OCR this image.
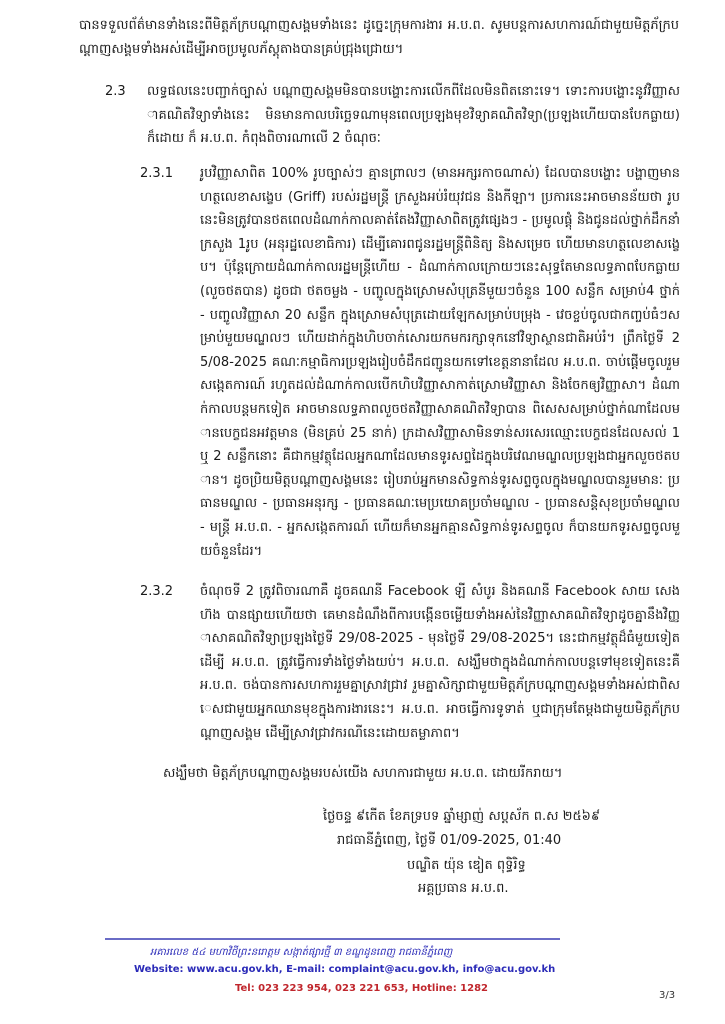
បានទទួលព័ត៌មានទាំងនេះពីមិត្តភ័ក្របណ្ដាញសង្គមទាំងនេះ ដូច្នេះក្រុមការងារ អ.ប.ព. សូមបន្តការសហការណ៍ជាមួយមិត្តភ័ក្របណ្ដាញសង្គមទាំងអស់ដើម្បីអាចប្រមូលភ័ស្តុតាងបានគ្រប់ជ្រុងជ្រោយ។

2.3 លទ្ធផលនេះបញ្ជាក់ច្បាស់ បណ្តាញសង្គមមិនបានបង្ហោះការលើកពីដែលមិនពិតនោះទេ។ ទោះការបង្ហោះនូវវិញ្ញាសាគណិតវិទ្យាទាំងនេះ មិនមានកាលបរិច្ឆេទណាមុនពេលប្រឡងមុខវិទ្យាគណិតវិទ្យា(ប្រឡងហើយបានបែកធ្លាយ) ក៏ដោយ ក៏ អ.ប.ព. កំពុងពិចារណាលើ 2 ចំណុចៈ

2.3.1 រូបវិញ្ញាសាពិត 100% រូបច្បាស់ៗ គ្មានព្រាលៗ (មានអក្សរកាចណាស់) ដែលបានបង្ហោះ បង្ហាញមានហត្ថលេខាសង្ខេប (Griff) របស់រដ្ឋមន្ត្រី ក្រសួងអប់រំយុវជន និងកីឡា។ ប្រការនេះអាចមានន័យថា រូបនេះមិនត្រូវបានថតពេលដំណាក់កាលគាត់តែងវិញ្ញាសាពិតត្រូវផ្សេងៗ - ប្រមូលផ្តុំ និងជូនដល់ថ្នាក់ដឹកនាំក្រសួង 1រូប (អនុរដ្ឋលេខាធិការ) ដើម្បីគោរពជូនរដ្ឋមន្ត្រីពិនិត្យ និងសម្រេច ហើយមានហត្ថលេខាសង្ខេប។ ប៉ុន្តែក្រោយដំណាក់កាលរដ្ឋមន្ត្រីហើយ - ដំណាក់កាលក្រោយៗនេះសុទ្ធតែមានលទ្ធភាពបែកធ្លាយ (លួចថតបាន) ដូចជា ថតចម្លង - បញ្ចូលក្នុងស្រោមសំបុត្រនីមួយៗចំនួន 100 សន្លឹក សម្រាប់4 ថ្នាក់ - បញ្ចូលវិញ្ញាសា 20 សន្លឹក ក្នុងស្រោមសំបុត្រដោយឡែកសម្រាប់បម្រុង - វេចខ្ចប់ចូលជាកញ្ចប់ធំៗសម្រាប់មួយមណ្ឌលៗ ហើយដាក់ក្នុងហិបចាក់សោរយកមករក្សាទុកនៅវិទ្យាស្ថានជាតិអប់រំ។ ព្រឹកថ្ងៃទី 25/08-2025 គណៈកម្មាធិការប្រឡងរៀបចំដឹកជញ្ជូនយកទៅខេត្តនានាដែល អ.ប.ព. ចាប់ផ្តើមចូលរួមសង្កេតការណ៍ រហូតដល់ដំណាក់កាលបើកហិបវិញ្ញាសាកាត់ស្រោមវិញ្ញាសា និងចែកឲ្យវិញ្ញាសា។ ដំណាក់កាលបន្តមកទៀត អាចមានលទ្ធភាពលួចថតវិញ្ញាសាគណិតវិទ្យាបាន ពិសេសសម្រាប់ថ្នាក់ណាដែលមានបេក្ខជនអវត្តមាន (មិនគ្រប់ 25 នាក់) ក្រដាសវិញ្ញាសាមិនទាន់សរសេរឈ្មោះបេក្ខជនដែលសល់ 1 ឬ 2 សន្លឹកនោះ គឺជាកម្មវត្ថុដែលអ្នកណាដែលមានទូរសព្ទដៃក្នុងបរិវេណមណ្ឌលប្រឡងជាអ្នកលួចថតបាន។ ដូចប្រិយមិត្តបណ្តាញសង្គមនេះ រៀបរាប់អ្នកមានសិទ្ធកាន់ទូរសព្ទចូលក្នុងមណ្ឌលបានរួមមានៈ ប្រធានមណ្ឌល - ប្រធានអនុរក្ស - ប្រធានគណៈមេប្រយោគប្រចាំមណ្ឌល - ប្រធានសន្តិសុខប្រចាំមណ្ឌល - មន្ត្រី អ.ប.ព. - អ្នកសង្កេតការណ៍ ហើយក៏មានអ្នកគ្មានសិទ្ធកាន់ទូរសព្ទចូល ក៏បានយកទូរសព្ទចូលមួយចំនួនដែរ។

2.3.2 ចំណុចទី 2 ត្រូវពិចារណាគឺ ដូចគណនី Facebook ឡី សំបូរ និងគណនី Facebook សាយ សេងហ៊ង បានផ្សាយហើយថា គេមានដំណឹងពីការបង្កើនចម្លើយទាំងអស់នៃវិញ្ញាសាគណិតវិទ្យាដូចគ្នានឹងវិញ្ញាសាគណិតវិទ្យាប្រឡងថ្ងៃទី 29/08-2025 - មុនថ្ងៃទី 29/08-2025។ នេះជាកម្មវត្ថុដ៏ធំមួយទៀតដើម្បី អ.ប.ព. ត្រូវធ្វើការទាំងថ្ងៃទាំងយប់។ អ.ប.ព. សង្ឃឹមថាក្នុងដំណាក់កាលបន្តទៅមុខទៀតនេះគឺ អ.ប.ព. ចង់បានការសហការរួមគ្នាស្រាវជ្រាវ រួមគ្នាសិក្សាជាមួយមិត្តភ័ក្របណ្តាញសង្គមទាំងអស់ជាពិសេសជាមួយអ្នកឈានមុខក្នុងការងារនេះ។ អ.ប.ព. អាចធ្វើការទូទាត់ ឬជាក្រុមតែម្តងជាមួយមិត្តភ័ក្របណ្តាញសង្គម ដើម្បីស្រាវជ្រាវករណីនេះដោយតម្លាភាព។

សង្ឃឹមថា មិត្តភ័ក្របណ្តាញសង្គមរបស់យើង សហការជាមួយ អ.ប.ព. ដោយរីករាយ។

ថ្ងៃចន្ទ ៩កើត ខែភទ្របទ ឆ្នាំម្សាញ់ សប្តស័ក ព.ស ២៥៦៩
រាជធានីភ្នំពេញ, ថ្ងៃទី 01/09-2025, 01:40
បណ្ឌិត យ៉ុន ឌៀត ពុទ្ធិរិទ្ធ
អគ្គប្រធាន អ.ប.ព.
អគារលេខ ៥៤ មហាវិថីព្រះនរោត្តម សង្កាត់ផ្សារថ្មី ៣ ខណ្ឌដូនពេញ រាជធានីភ្នំពេញ
Website: www.acu.gov.kh, E-mail: complaint@acu.gov.kh, info@acu.gov.kh
Tel: 023 223 954, 023 221 653, Hotline: 1282
3/3
